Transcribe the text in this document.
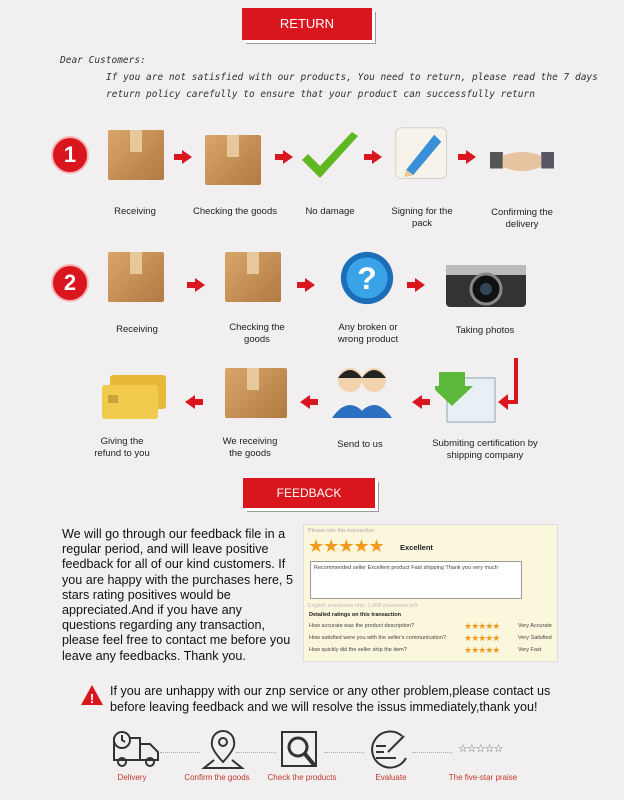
RETURN
Dear Customers:
If you are not satisfied with our products, You need to return, please read the 7 days
return policy carefully to ensure that your product can successfully return
1
Receiving	Checking the goods	No damage	Signing for the pack
Confirming the delivery
2	?
Receiving	Checking the goods
Any broken or wrong product
Taking photos
Giving the refund to you
We receiving the goods
Send to us	Submiting certification by shipping company
FEEDBACK
We will go through our feedback file in a regular period, and will leave positive feedback for all of our kind customers. If you are happy with the purchases here, 5 stars rating positives would be appreciated.And if you have any questions regarding any transaction, please feel free to contact me before you leave any feedbacks. Thank you.
Please rate this transaction
★★★★★ Excellent
Recommended seller Excellent product Fast shipping Thank you very much
English characters only. 1,908 characters left.
Detailed ratings on this transaction
How accurate was the product description?	★★★★★	Very Accurate
How satisfied were you with the seller's communication? ★★★★★	Very Satisfied
How quickly did the seller ship the item?	★★★★★	Very Fast
! If you are unhappy with our znp service or any other problem,please contact us before leaving feedback and we will resolve the issus immediately,thank you!
☆☆☆☆☆
Delivery	Confirm the goods	Check the products	Evaluate	The five-star praise
